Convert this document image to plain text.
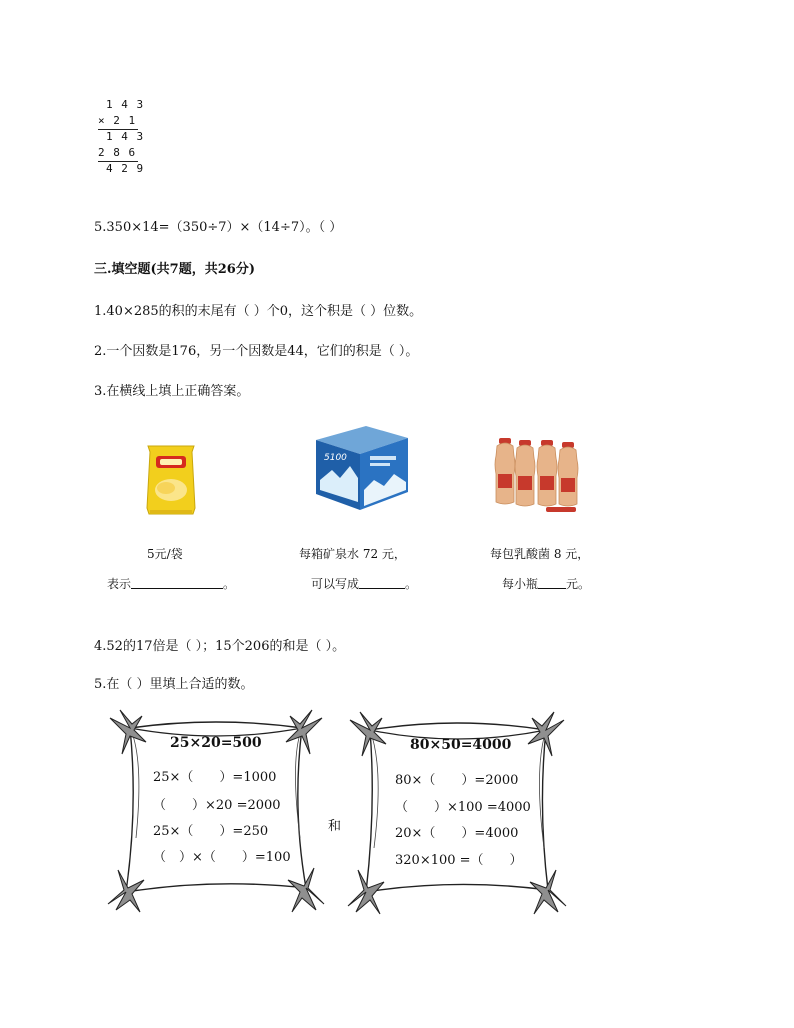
1 4 3
× 2 1
1 4 3
2 8 6
4 2 9
5.350×14=（350÷7）×（14÷7）。（ ）
三.填空题(共7题，共26分)
1.40×285的积的末尾有（ ）个0，这个积是（ ）位数。
2.一个因数是176，另一个因数是44，它们的积是（ ）。
3.在横线上填上正确答案。
5100
5元/袋	每箱矿泉水 72 元，	每包乳酸菌 8 元，
表示	。	可以写成	。	每小瓶 元。
4.52的17倍是（ ）；15个206的和是（ ）。
5.在（ ）里填上合适的数。
25×20=500
25×（　　）=1000
（　　）×20 =2000
25×（　　）=250
（　）×（　　）=100
和
80×50=4000
80×（　　）=2000
（　　）×100 =4000
20×（　　）=4000
320×100 =（　　）
